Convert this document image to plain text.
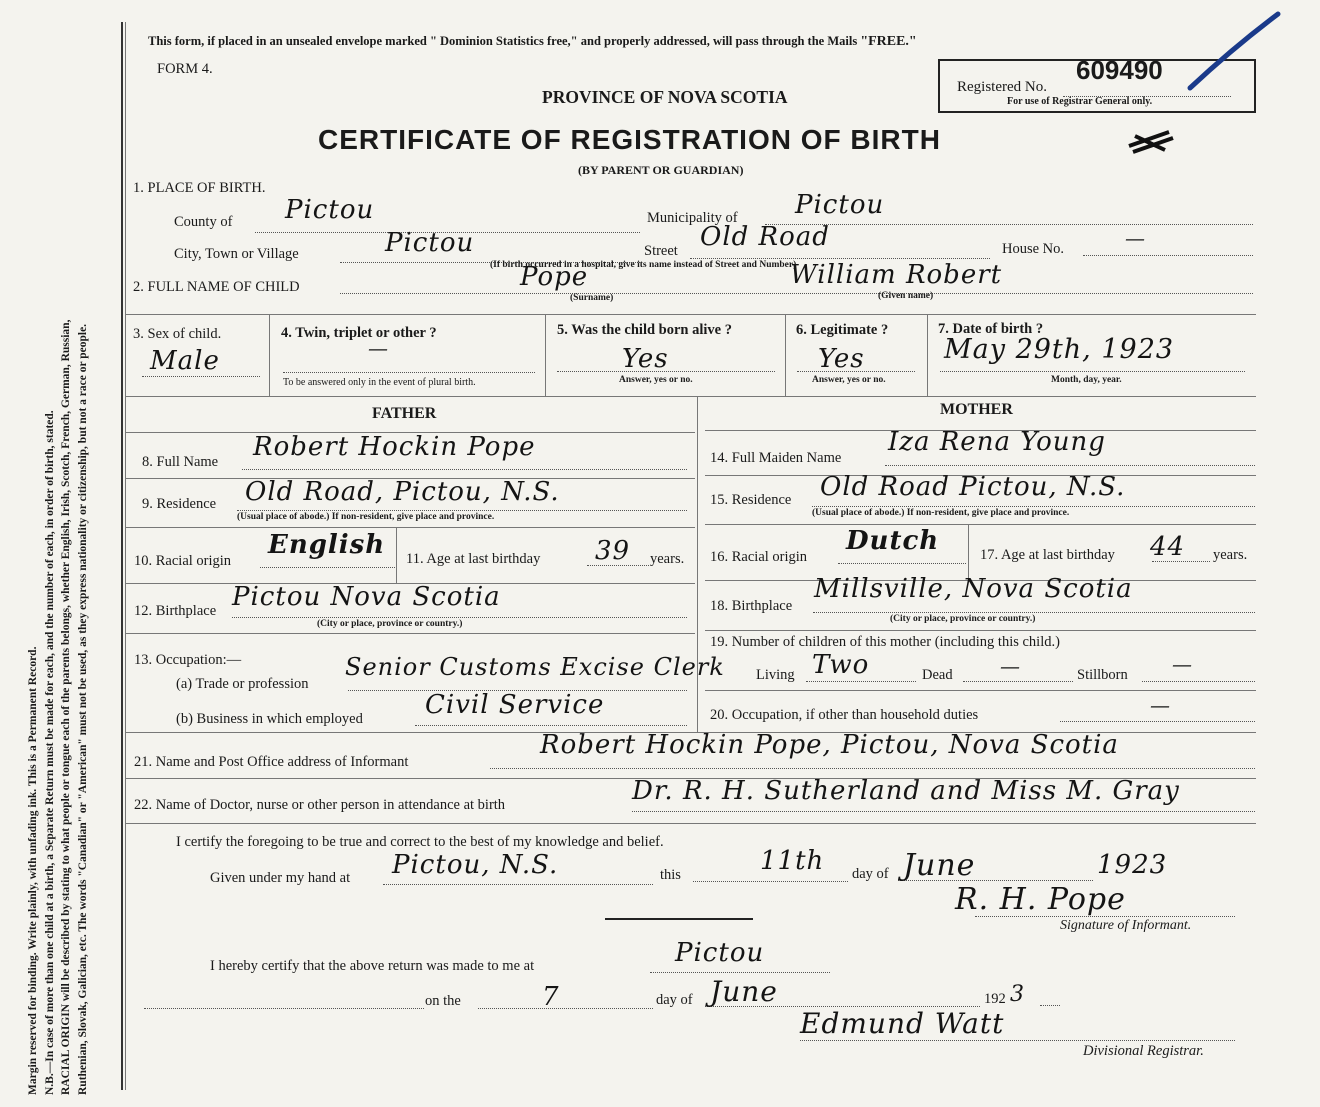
Margin reserved for binding. Write plainly, with unfading ink. This is a Permanent Record. N.B.—In case of more than one child at a birth, a Separate Return must be made for each, and the number of each, in order of birth, stated. RACIAL ORIGIN will be described by stating to what people or tongue each of the parents belongs, whether English, Irish, Scotch, French, German, Russian, Ruthenian, Slovak, Galician, etc. The words "Canadian" or "American" must not be used, as they express nationality or citizenship, but not a race or people.
This form, if placed in an unsealed envelope marked " Dominion Statistics free," and properly addressed, will pass through the Mails "FREE."
FORM 4.
PROVINCE OF NOVA SCOTIA
CERTIFICATE OF REGISTRATION OF BIRTH
(BY PARENT OR GUARDIAN)
Registered No.
609490
For use of Registrar General only.
1. PLACE OF BIRTH.
County of Pictou	Municipality of Pictou
City, Town or Village	Pictou	Street Old Road	House No.	—
(If birth occurred in a hospital, give its name instead of Street and Number)
2. FULL NAME OF CHILD	Pope	William Robert
(Surname)	(Given name)
3. Sex of child.
Male
4. Twin, triplet or other ?
—
To be answered only in the event of plural birth.
5. Was the child born alive ?
Yes
Answer, yes or no.
6. Legitimate ?
Yes
Answer, yes or no.
7. Date of birth ?
May 29th, 1923
Month, day, year.
FATHER	MOTHER
8. Full Name Robert Hockin Pope
9. Residence Old Road, Pictou, N.S.
(Usual place of abode.) If non-resident, give place and province.
10. Racial origin
English 11. Age at last birthday 39 years.
12. Birthplace Pictou Nova Scotia
(City or place, province or country.)
13. Occupation:—
(a) Trade or profession
Senior Customs Excise Clerk
(b) Business in which employed Civil Service
14. Full Maiden Name
Iza Rena Young
15. Residence Old Road Pictou, N.S.
(Usual place of abode.) If non-resident, give place and province.
16. Racial origin
Dutch	17. Age at last birthday 44 years.
18. Birthplace
Millsville, Nova Scotia
(City or place, province or country.)
19. Number of children of this mother (including this child.)
Living Two	Dead —	Stillborn —
20. Occupation, if other than household duties	—
21. Name and Post Office address of Informant
Robert Hockin Pope, Pictou, Nova Scotia
22. Name of Doctor, nurse or other person in attendance at birth	Dr. R. H. Sutherland and Miss M. Gray
I certify the foregoing to be true and correct to the best of my knowledge and belief.
Given under my hand at Pictou, N.S.	this	11th day of June	1923
R. H. Pope
Signature of Informant.
I hereby certify that the above return was made to me at	Pictou
on the	7	day of June	192 3
Edmund Watt
Divisional Registrar.
